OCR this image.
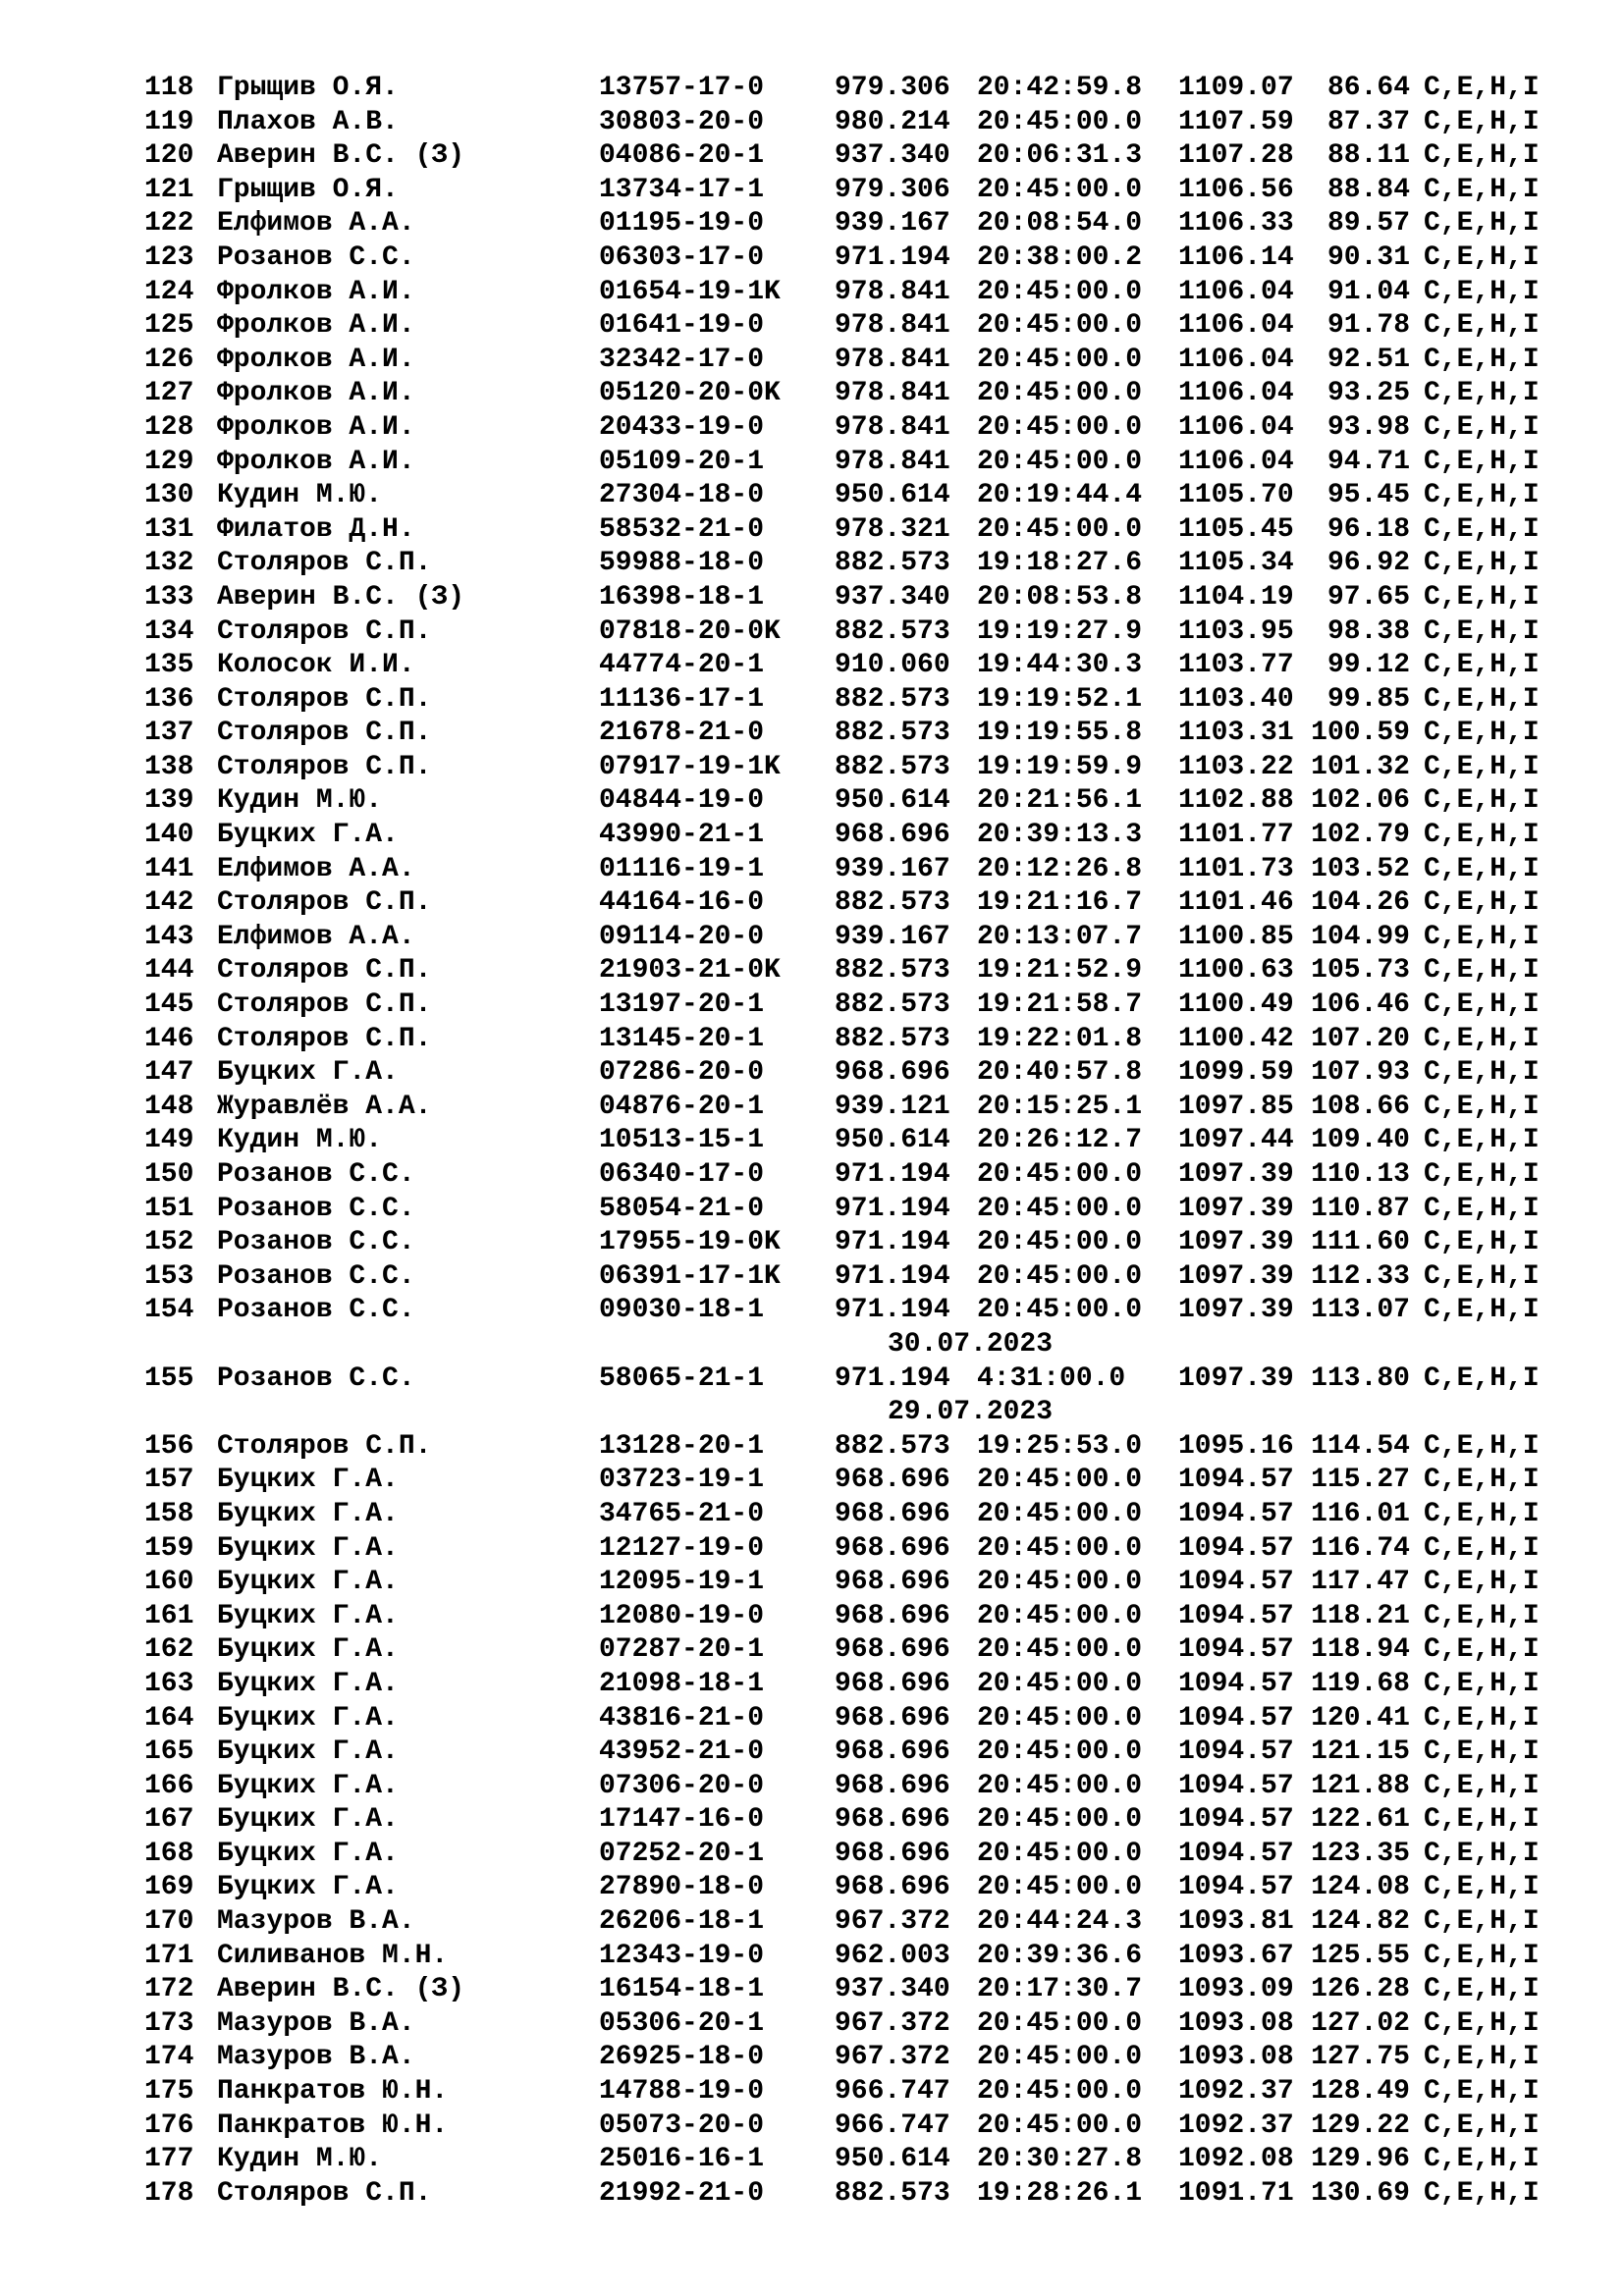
118 Грыщив О.Я.	13757-17-0	979.306 20:42:59.8 1109.07	86.64 C,E,H,I
119 Плахов А.В.	30803-20-0	980.214 20:45:00.0 1107.59	87.37 C,E,H,I
120 Аверин В.С. (З)	04086-20-1	937.340 20:06:31.3 1107.28	88.11 C,E,H,I
121 Грыщив О.Я.	13734-17-1	979.306 20:45:00.0 1106.56	88.84 C,E,H,I
122 Елфимов А.А.	01195-19-0	939.167 20:08:54.0 1106.33	89.57 C,E,H,I
123 Розанов С.С.	06303-17-0	971.194 20:38:00.2 1106.14	90.31 C,E,H,I
124 Фролков А.И.	01654-19-1K 978.841 20:45:00.0 1106.04	91.04 C,E,H,I
125 Фролков А.И.	01641-19-0	978.841 20:45:00.0 1106.04	91.78 C,E,H,I
126 Фролков А.И.	32342-17-0	978.841 20:45:00.0 1106.04	92.51 C,E,H,I
127 Фролков А.И.	05120-20-0K 978.841 20:45:00.0 1106.04	93.25 C,E,H,I
128 Фролков А.И.	20433-19-0	978.841 20:45:00.0 1106.04	93.98 C,E,H,I
129 Фролков А.И.	05109-20-1	978.841 20:45:00.0 1106.04	94.71 C,E,H,I
130 Кудин М.Ю.	27304-18-0	950.614 20:19:44.4 1105.70	95.45 C,E,H,I
131 Филатов Д.Н.	58532-21-0	978.321 20:45:00.0 1105.45	96.18 C,E,H,I
132 Столяров С.П.	59988-18-0	882.573 19:18:27.6 1105.34	96.92 C,E,H,I
133 Аверин В.С. (З)	16398-18-1	937.340 20:08:53.8 1104.19	97.65 C,E,H,I
134 Столяров С.П.	07818-20-0K 882.573 19:19:27.9 1103.95	98.38 C,E,H,I
135 Колосок И.И.	44774-20-1	910.060 19:44:30.3 1103.77	99.12 C,E,H,I
136 Столяров С.П.	11136-17-1	882.573 19:19:52.1 1103.40	99.85 C,E,H,I
137 Столяров С.П.	21678-21-0	882.573 19:19:55.8 1103.31 100.59 C,E,H,I
138 Столяров С.П.	07917-19-1K 882.573 19:19:59.9 1103.22 101.32 C,E,H,I
139 Кудин М.Ю.	04844-19-0	950.614 20:21:56.1 1102.88 102.06 C,E,H,I
140 Буцких Г.А.	43990-21-1	968.696 20:39:13.3 1101.77 102.79 C,E,H,I
141 Елфимов А.А.	01116-19-1	939.167 20:12:26.8 1101.73 103.52 C,E,H,I
142 Столяров С.П.	44164-16-0	882.573 19:21:16.7 1101.46 104.26 C,E,H,I
143 Елфимов А.А.	09114-20-0	939.167 20:13:07.7 1100.85 104.99 C,E,H,I
144 Столяров С.П.	21903-21-0K 882.573 19:21:52.9 1100.63 105.73 C,E,H,I
145 Столяров С.П.	13197-20-1	882.573 19:21:58.7 1100.49 106.46 C,E,H,I
146 Столяров С.П.	13145-20-1	882.573 19:22:01.8 1100.42 107.20 C,E,H,I
147 Буцких Г.А.	07286-20-0	968.696 20:40:57.8 1099.59 107.93 C,E,H,I
148 Журавлёв А.А.	04876-20-1	939.121 20:15:25.1 1097.85 108.66 C,E,H,I
149 Кудин М.Ю.	10513-15-1	950.614 20:26:12.7 1097.44 109.40 C,E,H,I
150 Розанов С.С.	06340-17-0	971.194 20:45:00.0 1097.39 110.13 C,E,H,I
151 Розанов С.С.	58054-21-0	971.194 20:45:00.0 1097.39 110.87 C,E,H,I
152 Розанов С.С.	17955-19-0K 971.194 20:45:00.0 1097.39 111.60 C,E,H,I
153 Розанов С.С.	06391-17-1K 971.194 20:45:00.0 1097.39 112.33 C,E,H,I
154 Розанов С.С.	09030-18-1	971.194 20:45:00.0 1097.39 113.07 C,E,H,I
30.07.2023
155 Розанов С.С.	58065-21-1	971.194 4:31:00.0 1097.39 113.80 C,E,H,I
29.07.2023
156 Столяров С.П.	13128-20-1	882.573 19:25:53.0 1095.16 114.54 C,E,H,I
157 Буцких Г.А.	03723-19-1	968.696 20:45:00.0 1094.57 115.27 C,E,H,I
158 Буцких Г.А.	34765-21-0	968.696 20:45:00.0 1094.57 116.01 C,E,H,I
159 Буцких Г.А.	12127-19-0	968.696 20:45:00.0 1094.57 116.74 C,E,H,I
160 Буцких Г.А.	12095-19-1	968.696 20:45:00.0 1094.57 117.47 C,E,H,I
161 Буцких Г.А.	12080-19-0	968.696 20:45:00.0 1094.57 118.21 C,E,H,I
162 Буцких Г.А.	07287-20-1	968.696 20:45:00.0 1094.57 118.94 C,E,H,I
163 Буцких Г.А.	21098-18-1	968.696 20:45:00.0 1094.57 119.68 C,E,H,I
164 Буцких Г.А.	43816-21-0	968.696 20:45:00.0 1094.57 120.41 C,E,H,I
165 Буцких Г.А.	43952-21-0	968.696 20:45:00.0 1094.57 121.15 C,E,H,I
166 Буцких Г.А.	07306-20-0	968.696 20:45:00.0 1094.57 121.88 C,E,H,I
167 Буцких Г.А.	17147-16-0	968.696 20:45:00.0 1094.57 122.61 C,E,H,I
168 Буцких Г.А.	07252-20-1	968.696 20:45:00.0 1094.57 123.35 C,E,H,I
169 Буцких Г.А.	27890-18-0	968.696 20:45:00.0 1094.57 124.08 C,E,H,I
170 Мазуров В.А.	26206-18-1	967.372 20:44:24.3 1093.81 124.82 C,E,H,I
171 Силиванов М.Н.	12343-19-0	962.003 20:39:36.6 1093.67 125.55 C,E,H,I
172 Аверин В.С. (З)	16154-18-1	937.340 20:17:30.7 1093.09 126.28 C,E,H,I
173 Мазуров В.А.	05306-20-1	967.372 20:45:00.0 1093.08 127.02 C,E,H,I
174 Мазуров В.А.	26925-18-0	967.372 20:45:00.0 1093.08 127.75 C,E,H,I
175 Панкратов Ю.Н.	14788-19-0	966.747 20:45:00.0 1092.37 128.49 C,E,H,I
176 Панкратов Ю.Н.	05073-20-0	966.747 20:45:00.0 1092.37 129.22 C,E,H,I
177 Кудин М.Ю.	25016-16-1	950.614 20:30:27.8 1092.08 129.96 C,E,H,I
178 Столяров С.П.	21992-21-0	882.573 19:28:26.1 1091.71 130.69 C,E,H,I
